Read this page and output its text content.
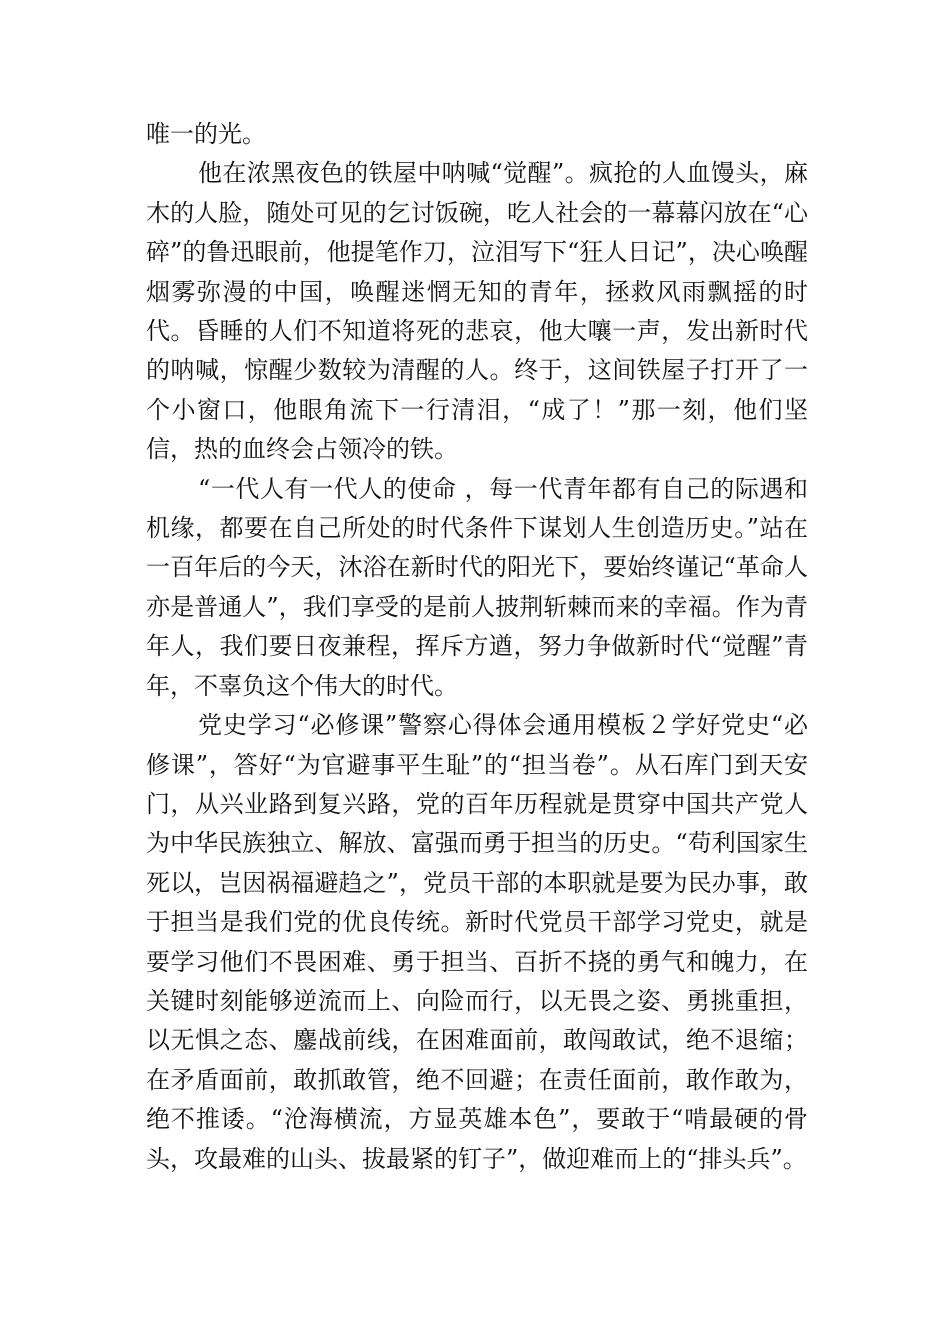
唯一的光。

他在浓黑夜色的铁屋中呐喊“觉醒”。疯抢的人血馒头，麻木的人脸，随处可见的乞讨饭碗，吃人社会的一幕幕闪放在“心碎”的鲁迅眼前，他提笔作刀，泣泪写下“狂人日记”，决心唤醒烟雾弥漫的中国，唤醒迷惘无知的青年，拯救风雨飘摇的时代。昏睡的人们不知道将死的悲哀，他大嚷一声，发出新时代的呐喊，惊醒少数较为清醒的人。终于，这间铁屋子打开了一个小窗口，他眼角流下一行清泪，“成了！”那一刻，他们坚信，热的血终会占领冷的铁。

“一代人有一代人的使命 ，每一代青年都有自己的际遇和机缘，都要在自己所处的时代条件下谋划人生创造历史。”站在一百年后的今天，沐浴在新时代的阳光下，要始终谨记“革命人亦是普通人”，我们享受的是前人披荆斩棘而来的幸福。作为青年人，我们要日夜兼程，挥斥方遒，努力争做新时代“觉醒”青年，不辜负这个伟大的时代。

党史学习“必修课”警察心得体会通用模板２学好党史“必修课”，答好“为官避事平生耻”的“担当卷”。从石库门到天安门，从兴业路到复兴路，党的百年历程就是贯穿中国共产党人为中华民族独立、解放、富强而勇于担当的历史。“苟利国家生死以，岂因祸福避趋之”，党员干部的本职就是要为民办事，敢于担当是我们党的优良传统。新时代党员干部学习党史，就是要学习他们不畏困难、勇于担当、百折不挠的勇气和魄力，在关键时刻能够逆流而上、向险而行，以无畏之姿、勇挑重担，以无惧之态、鏖战前线，在困难面前，敢闯敢试，绝不退缩；在矛盾面前，敢抓敢管，绝不回避；在责任面前，敢作敢为，绝不推诿。“沧海横流，方显英雄本色”，要敢于“啃最硬的骨头，攻最难的山头、拔最紧的钉子”，做迎难而上的“排头兵”。
